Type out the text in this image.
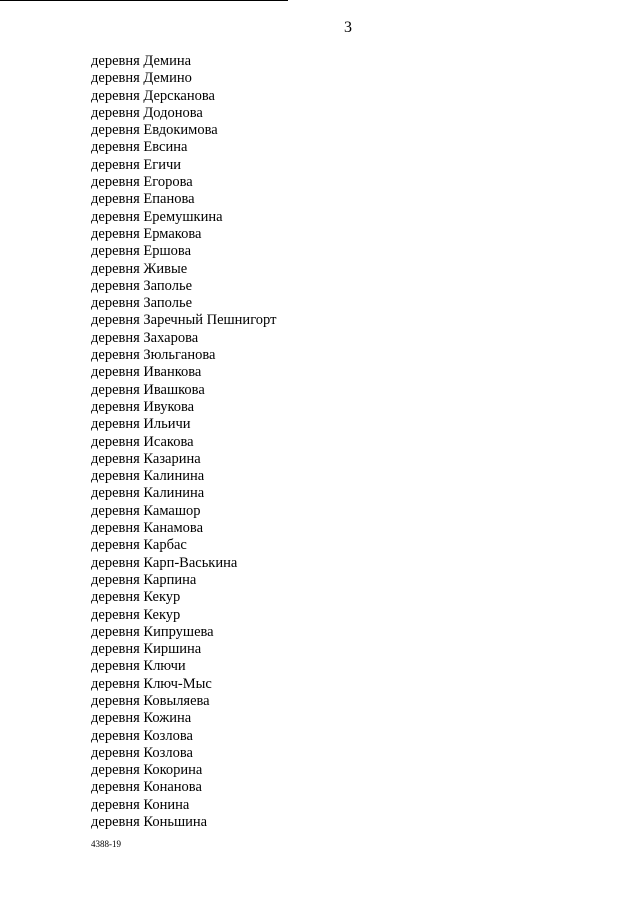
3
деревня Демина
деревня Демино
деревня Дерсканова
деревня Додонова
деревня Евдокимова
деревня Евсина
деревня Егичи
деревня Егорова
деревня Епанова
деревня Еремушкина
деревня Ермакова
деревня Ершова
деревня Живые
деревня Заполье
деревня Заполье
деревня Заречный Пешнигорт
деревня Захарова
деревня Зюльганова
деревня Иванкова
деревня Ивашкова
деревня Ивукова
деревня Ильичи
деревня Исакова
деревня Казарина
деревня Калинина
деревня Калинина
деревня Камашор
деревня Канамова
деревня Карбас
деревня Карп-Васькина
деревня Карпина
деревня Кекур
деревня Кекур
деревня Кипрушева
деревня Киршина
деревня Ключи
деревня Ключ-Мыс
деревня Ковыляева
деревня Кожина
деревня Козлова
деревня Козлова
деревня Кокорина
деревня Конанова
деревня Конина
деревня Коньшина
4388-19
